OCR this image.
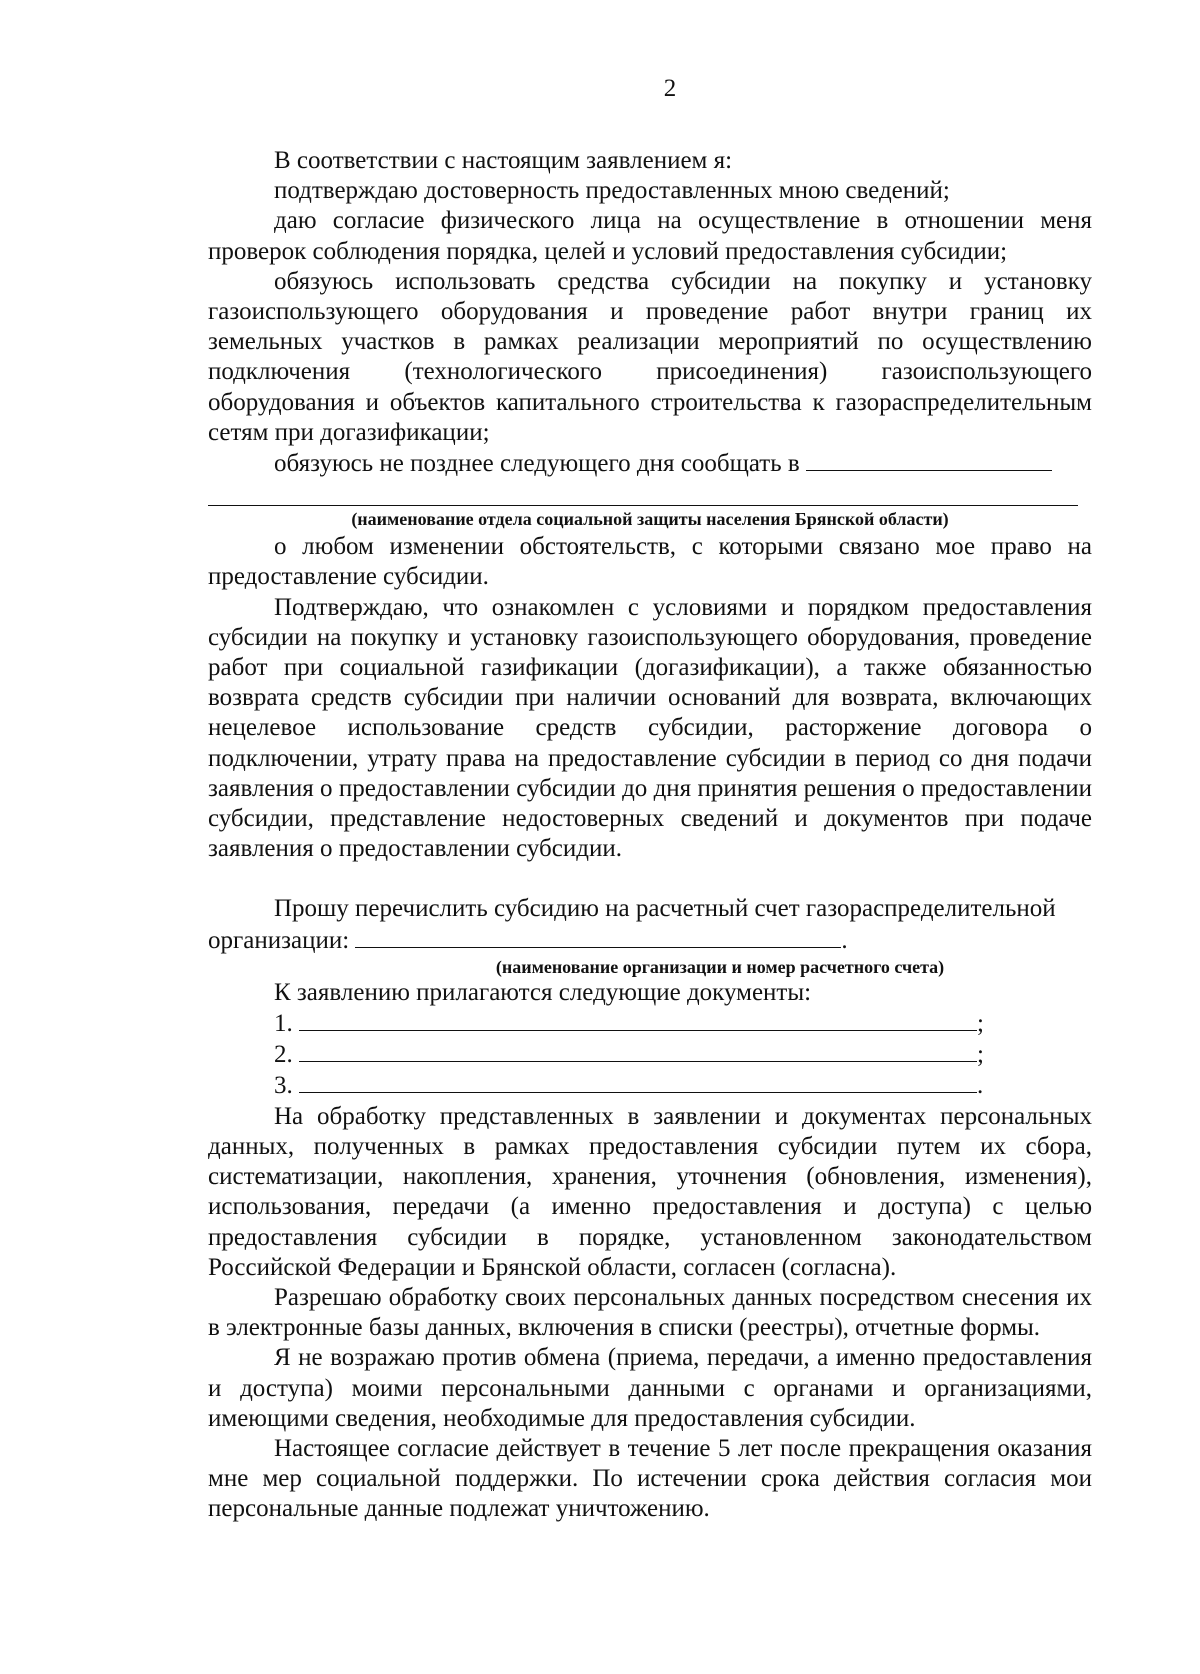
2

В соответствии с настоящим заявлением я:

подтверждаю достоверность предоставленных мною сведений;

даю согласие физического лица на осуществление в отношении меня проверок соблюдения порядка, целей и условий предоставления субсидии;

обязуюсь использовать средства субсидии на покупку и установку газоиспользующего оборудования и проведение работ внутри границ их земельных участков в рамках реализации мероприятий по осуществлению подключения (технологического присоединения) газоиспользующего оборудования и объектов капитального строительства к газораспределительным сетям при догазификации;

обязуюсь не позднее следующего дня сообщать в

(наименование отдела социальной защиты населения Брянской области)

о любом изменении обстоятельств, с которыми связано мое право на предоставление субсидии.

Подтверждаю, что ознакомлен с условиями и порядком предоставления субсидии на покупку и установку газоиспользующего оборудования, проведение работ при социальной газификации (догазификации), а также обязанностью возврата средств субсидии при наличии оснований для возврата, включающих нецелевое использование средств субсидии, расторжение договора о подключении, утрату права на предоставление субсидии в период со дня подачи заявления о предоставлении субсидии до дня принятия решения о предоставлении субсидии, представление недостоверных сведений и документов при подаче заявления о предоставлении субсидии.

Прошу перечислить субсидию на расчетный счет газораспределительной

организации:	.
(наименование организации и номер расчетного счета)

К заявлению прилагаются следующие документы:

1.	;
2.	;
3.	.

На обработку представленных в заявлении и документах персональных данных, полученных в рамках предоставления субсидии путем их сбора, систематизации, накопления, хранения, уточнения (обновления, изменения), использования, передачи (а именно предоставления и доступа) с целью предоставления субсидии в порядке, установленном законодательством Российской Федерации и Брянской области, согласен (согласна).

Разрешаю обработку своих персональных данных посредством снесения их в электронные базы данных, включения в списки (реестры), отчетные формы.

Я не возражаю против обмена (приема, передачи, а именно предоставления и доступа) моими персональными данными с органами и организациями, имеющими сведения, необходимые для предоставления субсидии.

Настоящее согласие действует в течение 5 лет после прекращения оказания мне мер социальной поддержки. По истечении срока действия согласия мои персональные данные подлежат уничтожению.
